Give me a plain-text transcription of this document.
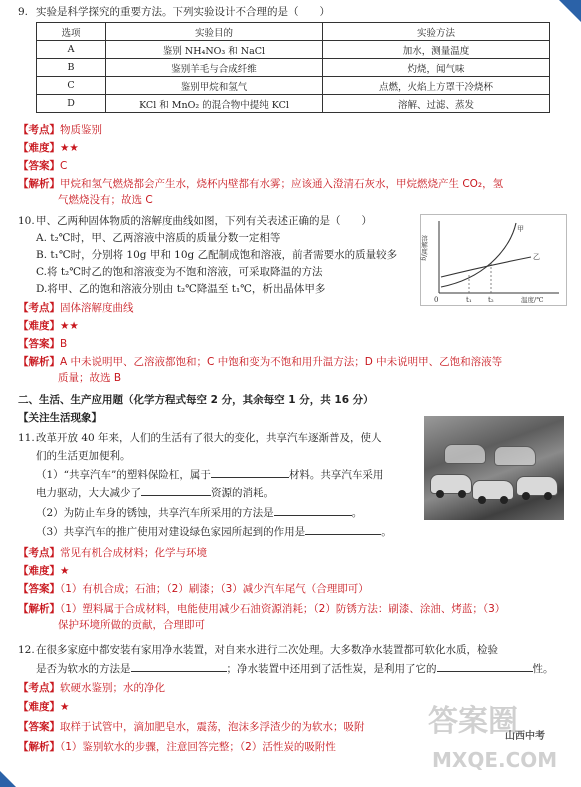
9. 实验是科学探究的重要方法。下列实验设计不合理的是（　　）
选项	实验目的	实验方法
A	鉴别 NH₄NO₃ 和 NaCl	加水，测量温度
B	鉴别羊毛与合成纤维	灼烧，闻气味
C	鉴别甲烷和氢气	点燃，火焰上方罩干冷烧杯
D	KCl 和 MnO₂ 的混合物中提纯 KCl	溶解、过滤、蒸发
【考点】物质鉴别
【难度】★★
【答案】C
【解析】甲烷和氢气燃烧都会产生水，烧杯内壁都有水雾；应该通入澄清石灰水，甲烷燃烧产生 CO₂，氢
气燃烧没有；故选 C
10.甲、乙两种固体物质的溶解度曲线如图，下列有关表述正确的是（　　）
A. t₂℃时，甲、乙两溶液中溶质的质量分数一定相等
B. t₁℃时，分别将 10g 甲和 10g 乙配制成饱和溶液，前者需要水的质量较多
C.将 t₂℃时乙的饱和溶液变为不饱和溶液，可采取降温的方法
D.将甲、乙的饱和溶液分别由 t₂℃降温至 t₁℃，析出晶体甲多
溶解度/g
甲
乙
0	t₁ t₂	温度/℃
【考点】固体溶解度曲线
【难度】★★
【答案】B
【解析】A 中未说明甲、乙溶液都饱和；C 中饱和变为不饱和用升温方法；D 中未说明甲、乙饱和溶液等
质量；故选 B
二、生活、生产应用题（化学方程式每空 2 分，其余每空 1 分，共 16 分）
【关注生活现象】
11.改革开放 40 年来，人们的生活有了很大的变化，共享汽车逐渐普及，使人
们的生活更加便利。
（1）“共享汽车”的塑料保险杠，属于	材料。共享汽车采用
电力驱动，大大减少了	资源的消耗。
（2）为防止车身的锈蚀，共享汽车所采用的方法是	。
（3）共享汽车的推广使用对建设绿色家园所起到的作用是	。
【考点】常见有机合成材料；化学与环境
【难度】★
【答案】（1）有机合成；石油；（2）刷漆；（3）减少汽车尾气（合理即可）
【解析】（1）塑料属于合成材料，电能使用减少石油资源消耗；（2）防锈方法：刷漆、涂油、烤蓝；（3）
保护环境所做的贡献，合理即可
12.在很多家庭中都安装有家用净水装置，对自来水进行二次处理。大多数净水装置都可软化水质，检验
是否为软水的方法是	；净水装置中还用到了活性炭，是利用了它的	性。
【考点】软硬水鉴别；水的净化
【难度】★
【答案】取样于试管中，滴加肥皂水，震荡，泡沫多浮渣少的为软水；吸附
【解析】（1）鉴别软水的步骤，注意回答完整；（2）活性炭的吸附性
答案圈
MXQE.COM
山西中考
